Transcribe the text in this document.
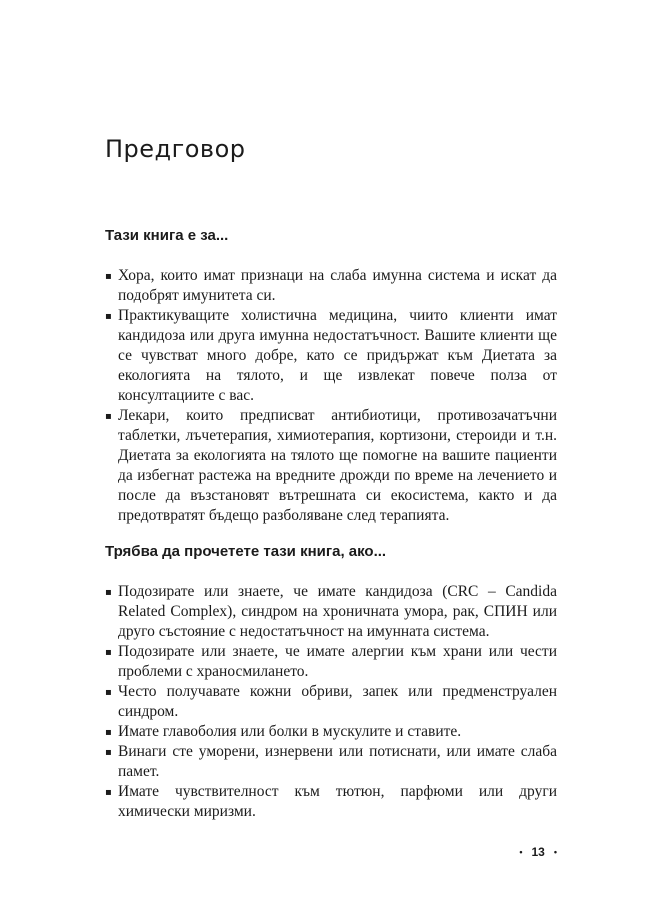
Предговор
Тази книга е за...
▪ Хора, които имат признаци на слаба имунна система и искат да подобрят имунитета си.
▪ Практикуващите холистична медицина, чиито клиенти имат кандидоза или друга имунна недостатъчност. Вашите клиенти ще се чувстват много добре, като се придържат към Диетата за екологията на тялото, и ще извлекат повече полза от консултациите с вас.
▪ Лекари, които предписват антибиотици, противозачатъчни таблетки, лъчетерапия, химиотерапия, кортизони, стероиди и т.н. Диетата за екологията на тялото ще помогне на вашите пациенти да избегнат растежа на вредните дрожди по време на лечението и после да възстановят вътрешната си екосистема, както и да предотвратят бъдещо разболяване след терапията.
Трябва да прочетете тази книга, ако...
▪ Подозирате или знаете, че имате кандидоза (CRC – Candida Related Complex), синдром на хроничната умора, рак, СПИН или друго състояние с недостатъчност на имунната система.
▪ Подозирате или знаете, че имате алергии към храни или чести проблеми с храносмилането.
▪ Често получавате кожни обриви, запек или предменструален синдром.
▪ Имате главоболия или болки в мускулите и ставите.
▪ Винаги сте уморени, изнервени или потиснати, или имате слаба памет.
▪ Имате чувствителност към тютюн, парфюми или други химически миризми.
• 13 •
